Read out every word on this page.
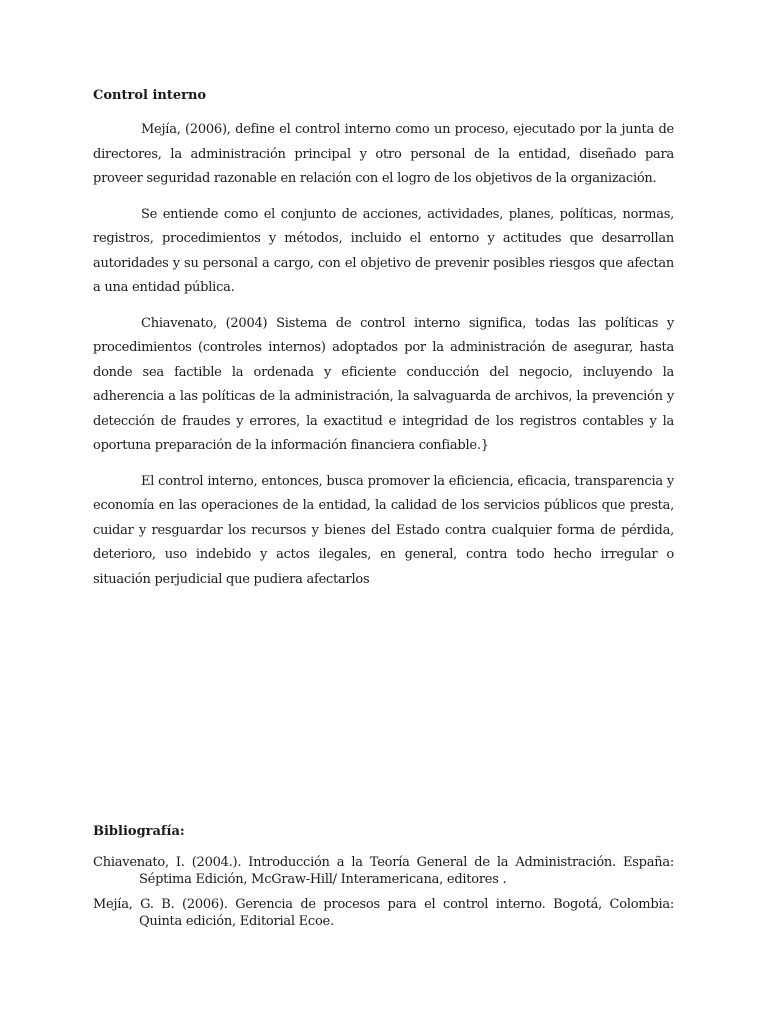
Control interno

Mejía, (2006), define el control interno como un proceso, ejecutado por la junta de directores, la administración principal y otro personal de la entidad, diseñado para proveer seguridad razonable en relación con el logro de los objetivos de la organización.

Se entiende como el conjunto de acciones, actividades, planes, políticas, normas, registros, procedimientos y métodos, incluido el entorno y actitudes que desarrollan autoridades y su personal a cargo, con el objetivo de prevenir posibles riesgos que afectan a una entidad pública.

Chiavenato, (2004) Sistema de control interno significa, todas las políticas y procedimientos (controles internos) adoptados por la administración de asegurar, hasta donde sea factible la ordenada y eficiente conducción del negocio, incluyendo la adherencia a las políticas de la administración, la salvaguarda de archivos, la prevención y detección de fraudes y errores, la exactitud e integridad de los registros contables y la oportuna preparación de la información financiera confiable.}

El control interno, entonces, busca promover la eficiencia, eficacia, transparencia y economía en las operaciones de la entidad, la calidad de los servicios públicos que presta, cuidar y resguardar los recursos y bienes del Estado contra cualquier forma de pérdida, deterioro, uso indebido y actos ilegales, en general, contra todo hecho irregular o situación perjudicial que pudiera afectarlos

Bibliografía:

Chiavenato, I. (2004.). Introducción a la Teoría General de la Administración. España: Séptima Edición, McGraw-Hill/ Interamericana, editores .

Mejía, G. B. (2006). Gerencia de procesos para el control interno. Bogotá, Colombia: Quinta edición, Editorial Ecoe.
